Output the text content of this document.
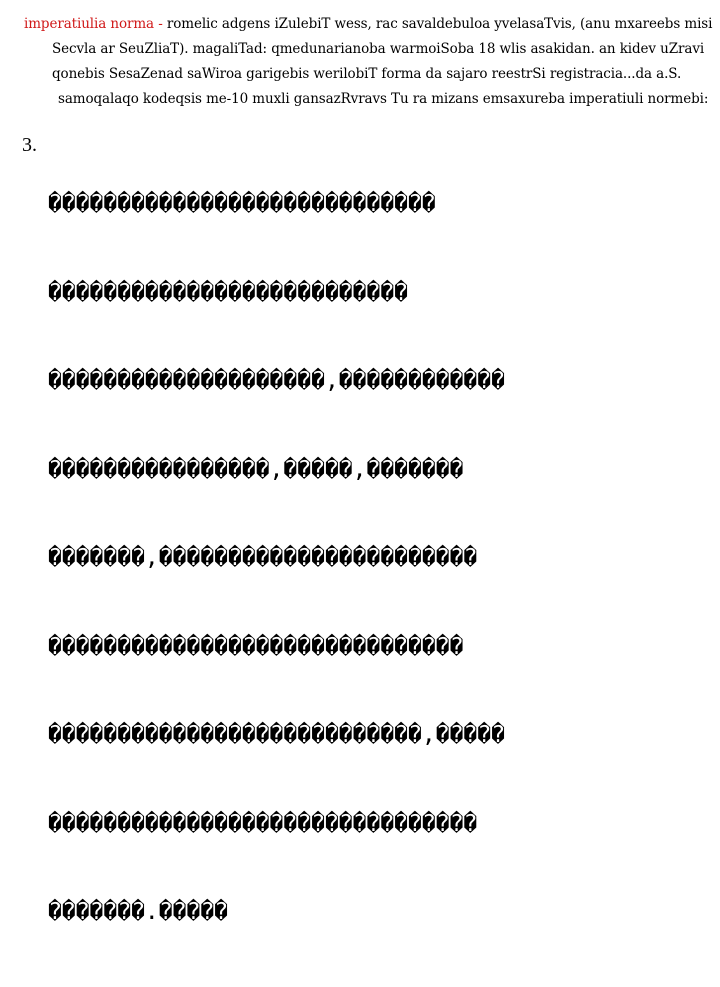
imperatiulia norma - romelic adgens iZulebiT wess, rac savaldebuloa yvelasaTvis, (anu mxareebs misi
Secvla ar SeuZliaT). magaliTad: qmedunarianoba warmoiSoba 18 wlis asakidan. an kidev uZravi
qonebis SesaZenad saWiroa garigebis werilobiT forma da sajaro reestrSi registracia...da a.S.
samoqalaqo kodeqsis me-10 muxli gansazRvravs Tu ra mizans emsaxureba imperatiuli normebi:

3.

����������������������������

��������������������������

��������������������,������������

����������������,�����,�������

�������,�����������������������

������������������������������

���������������������������,�����

�������������������������������

�������.�����
